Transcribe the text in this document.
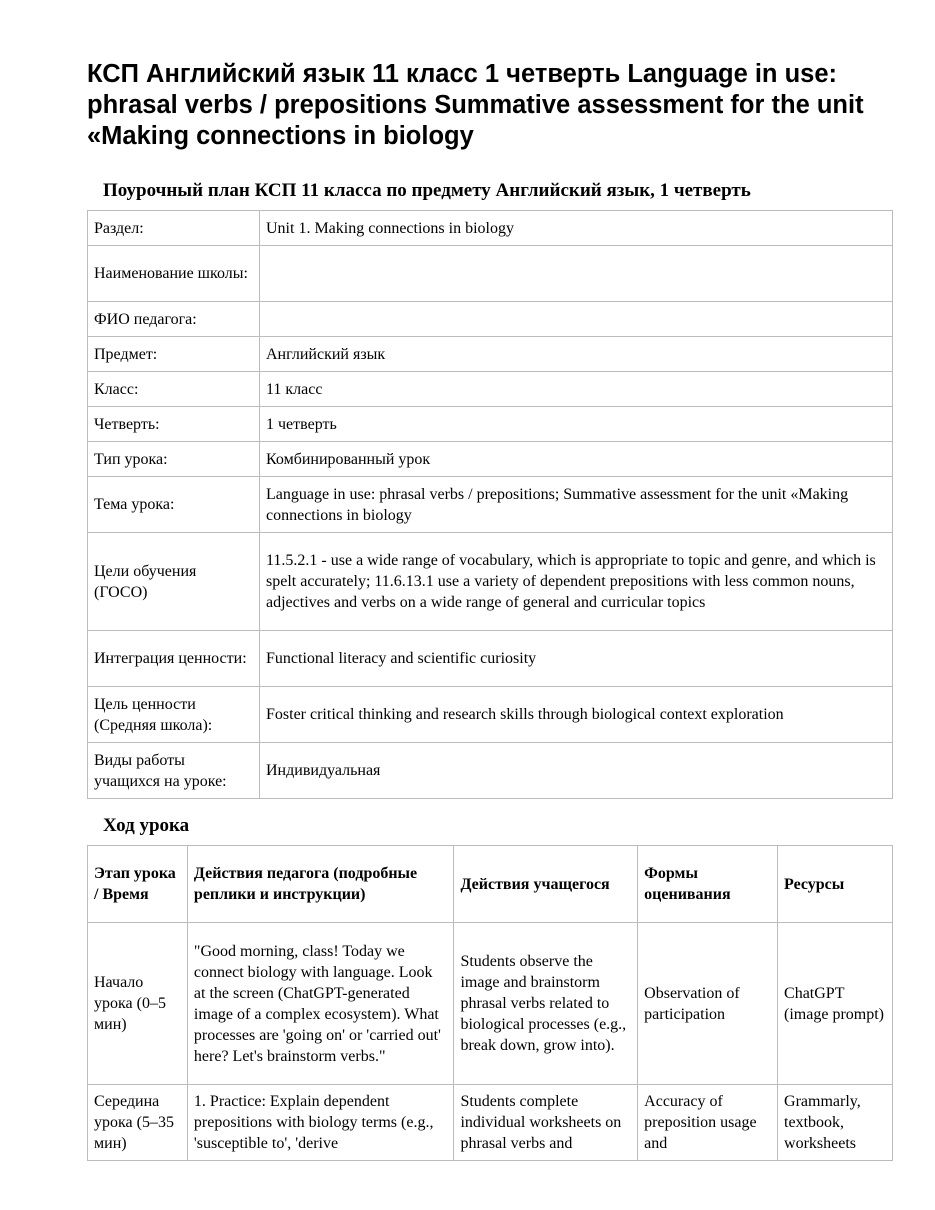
КСП Английский язык 11 класс 1 четверть Language in use: phrasal verbs / prepositions Summative assessment for the unit «Making connections in biology
Поурочный план КСП 11 класса по предмету Английский язык, 1 четверть
Раздел:	Unit 1. Making connections in biology
Наименование школы:	
ФИО педагога:	
Предмет:	Английский язык
Класс:	11 класс
Четверть:	1 четверть
Тип урока:	Комбинированный урок
Тема урока:	Language in use: phrasal verbs / prepositions; Summative assessment for the unit «Making connections in biology
Цели обучения (ГОСО)	11.5.2.1 - use a wide range of vocabulary, which is appropriate to topic and genre, and which is spelt accurately; 11.6.13.1 use a variety of dependent prepositions with less common nouns, adjectives and verbs on a wide range of general and curricular topics
Интеграция ценности:	Functional literacy and scientific curiosity
Цель ценности (Средняя школа):	Foster critical thinking and research skills through biological context exploration
Виды работы учащихся на уроке:	Индивидуальная
Ход урока
Этап урока / Время	Действия педагога (подробные реплики и инструкции)	Действия учащегося	Формы оценивания	Ресурсы
Начало урока (0–5 мин)	"Good morning, class! Today we connect biology with language. Look at the screen (ChatGPT-generated image of a complex ecosystem). What processes are 'going on' or 'carried out' here? Let's brainstorm verbs."	Students observe the image and brainstorm phrasal verbs related to biological processes (e.g., break down, grow into).	Observation of participation	ChatGPT (image prompt)

Середина урока (5–35 мин)	1. Practice: Explain dependent prepositions with biology terms (e.g., 'susceptible to', 'derive	Students complete individual worksheets on phrasal verbs and	Accuracy of preposition usage and	Grammarly, textbook, worksheets
